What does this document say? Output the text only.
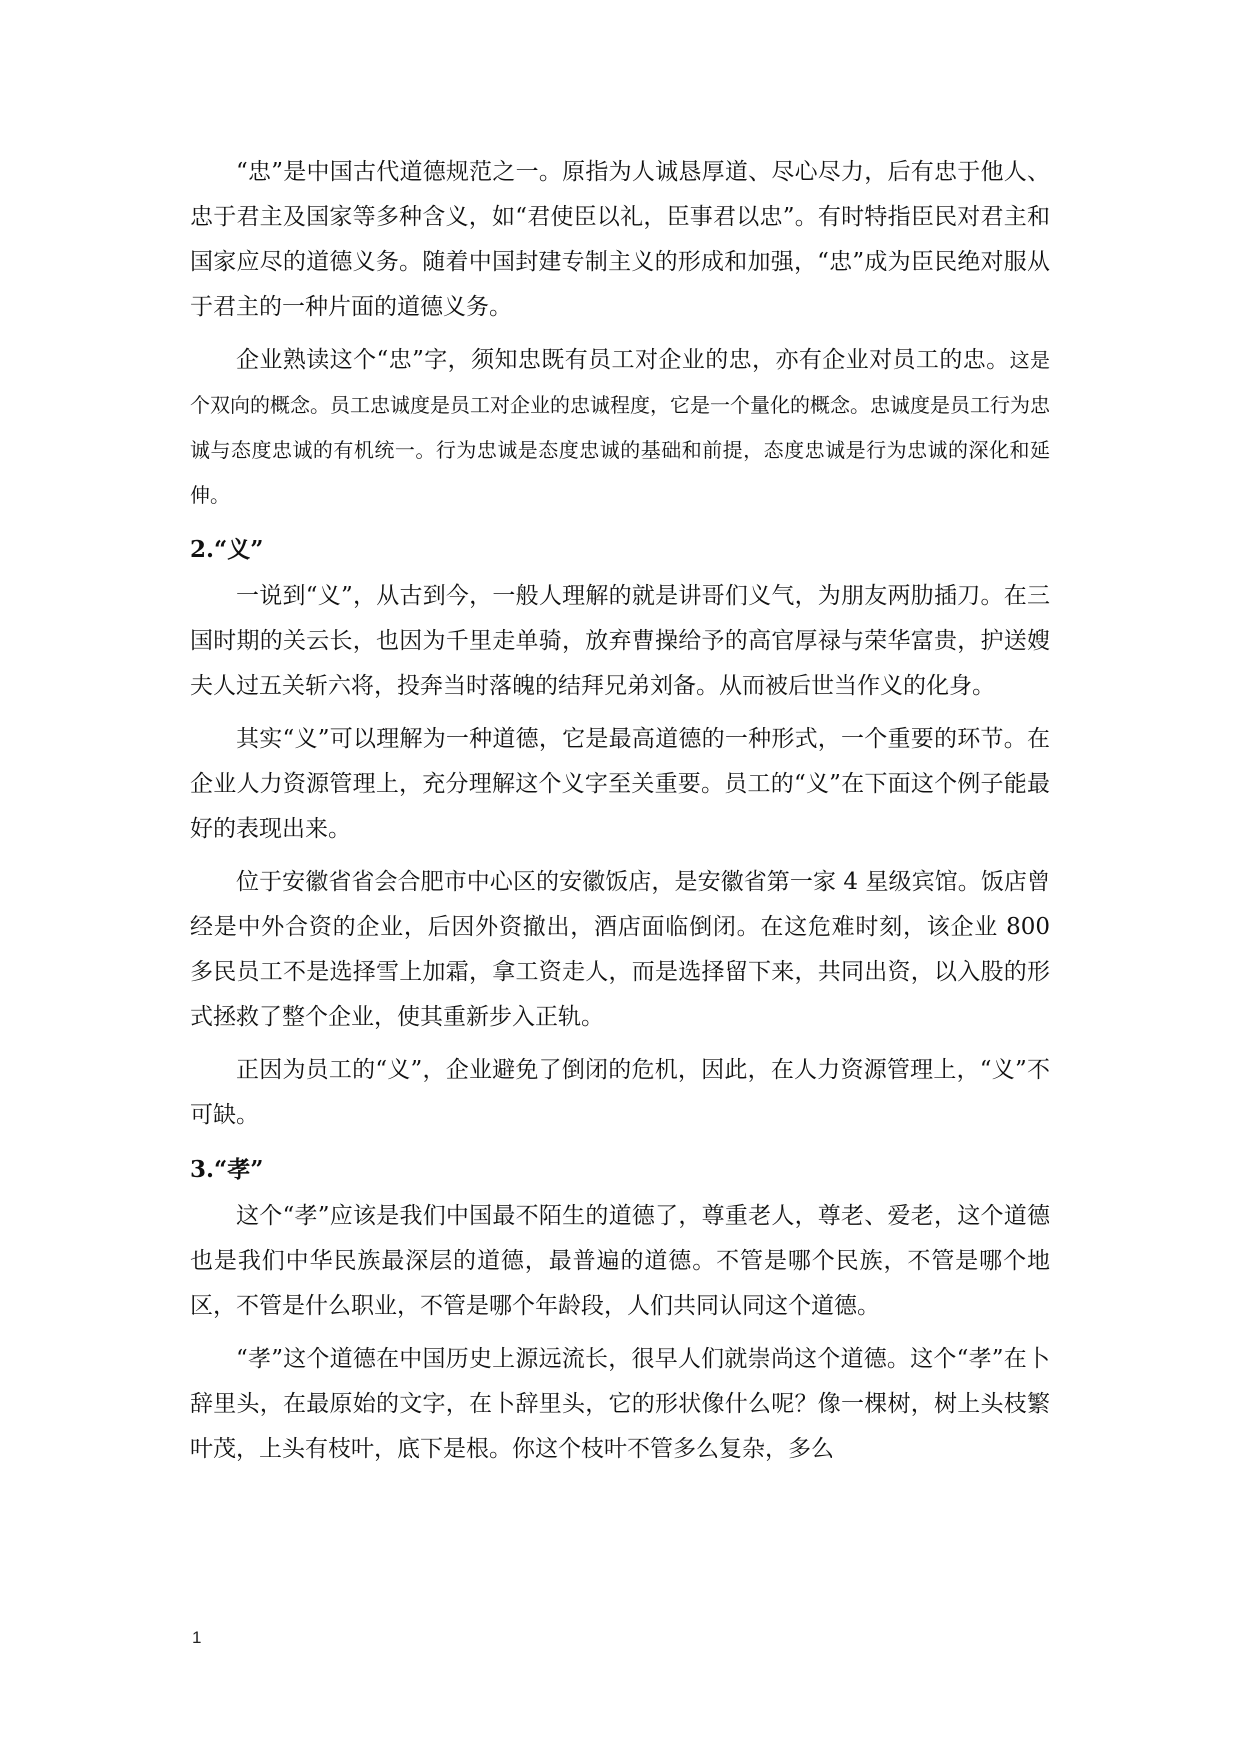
“忠”是中国古代道德规范之一。原指为人诚恳厚道、尽心尽力，后有忠于他人、忠于君主及国家等多种含义，如“君使臣以礼，臣事君以忠”。有时特指臣民对君主和国家应尽的道德义务。随着中国封建专制主义的形成和加强，“忠”成为臣民绝对服从于君主的一种片面的道德义务。

企业熟读这个“忠”字，须知忠既有员工对企业的忠，亦有企业对员工的忠。这是个双向的概念。员工忠诚度是员工对企业的忠诚程度，它是一个量化的概念。忠诚度是员工行为忠诚与态度忠诚的有机统一。行为忠诚是态度忠诚的基础和前提，态度忠诚是行为忠诚的深化和延伸。

2.“义”

一说到“义”，从古到今，一般人理解的就是讲哥们义气，为朋友两肋插刀。在三国时期的关云长，也因为千里走单骑，放弃曹操给予的高官厚禄与荣华富贵，护送嫂夫人过五关斩六将，投奔当时落魄的结拜兄弟刘备。从而被后世当作义的化身。

其实“义”可以理解为一种道德，它是最高道德的一种形式，一个重要的环节。在企业人力资源管理上，充分理解这个义字至关重要。员工的“义”在下面这个例子能最好的表现出来。

位于安徽省省会合肥市中心区的安徽饭店，是安徽省第一家 4 星级宾馆。饭店曾经是中外合资的企业，后因外资撤出，酒店面临倒闭。在这危难时刻，该企业 800 多民员工不是选择雪上加霜，拿工资走人，而是选择留下来，共同出资，以入股的形式拯救了整个企业，使其重新步入正轨。

正因为员工的“义”，企业避免了倒闭的危机，因此，在人力资源管理上，“义”不可缺。

3.“孝”

这个“孝”应该是我们中国最不陌生的道德了，尊重老人，尊老、爱老，这个道德也是我们中华民族最深层的道德，最普遍的道德。不管是哪个民族，不管是哪个地区，不管是什么职业，不管是哪个年龄段，人们共同认同这个道德。

“孝”这个道德在中国历史上源远流长，很早人们就崇尚这个道德。这个“孝”在卜辞里头，在最原始的文字，在卜辞里头，它的形状像什么呢？像一棵树，树上头枝繁叶茂，上头有枝叶，底下是根。你这个枝叶不管多么复杂，多么

1
